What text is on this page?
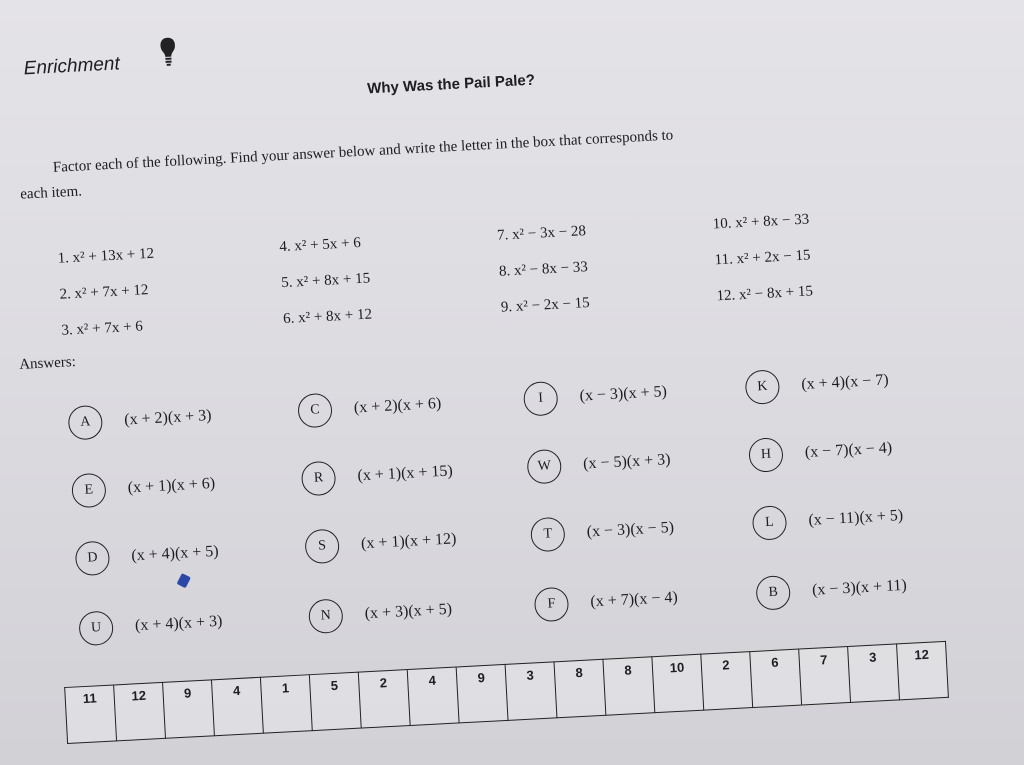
Enrichment
Why Was the Pail Pale?
Factor each of the following. Find your answer below and write the letter in the box that corresponds to
each item.
1. x² + 13x + 12
2. x² + 7x + 12
3. x² + 7x + 6
4. x² + 5x + 6
5. x² + 8x + 15
6. x² + 8x + 12
7. x² − 3x − 28
8. x² − 8x − 33
9. x² − 2x − 15
10. x² + 8x − 33
11. x² + 2x − 15
12. x² − 8x + 15
Answers:
A	(x + 2)(x + 3)	C	(x + 2)(x + 6)	I	(x − 3)(x + 5)	K	(x + 4)(x − 7)
E	(x + 1)(x + 6)	R	(x + 1)(x + 15)	W	(x − 5)(x + 3)	H	(x − 7)(x − 4)
D	(x + 4)(x + 5)	S	(x + 1)(x + 12)	T	(x − 3)(x − 5)	L	(x − 11)(x + 5)
U	(x + 4)(x + 3)	N	(x + 3)(x + 5)	F	(x + 7)(x − 4)	B	(x − 3)(x + 11)
11	12	9	4	1	5	2	4	9	3	8	8	10	2	6	7	3	12
